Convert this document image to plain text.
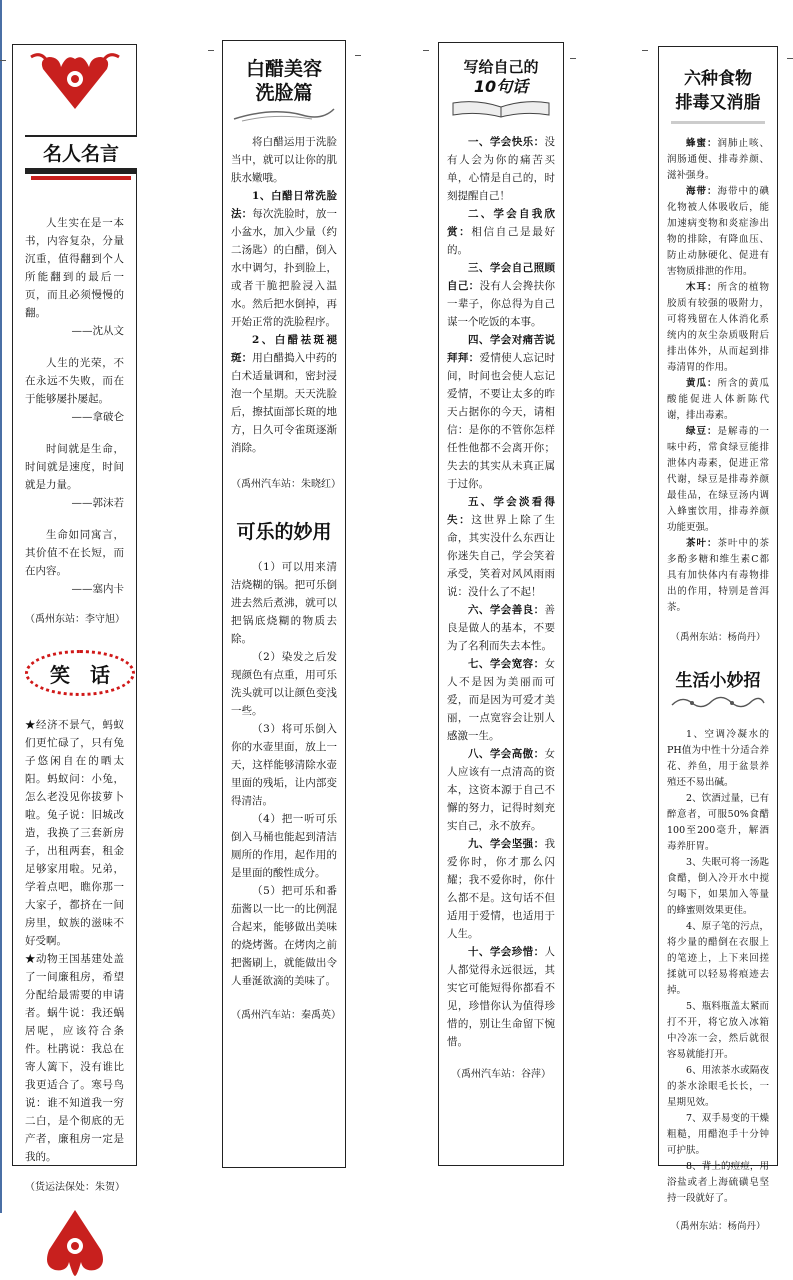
名人名言

人生实在是一本书，内容复杂，分量沉重，值得翻到个人所能翻到的最后一页，而且必须慢慢的翻。

——沈从文

人生的光荣，不在永远不失败，而在于能够屡扑屡起。

——拿破仑

时间就是生命，时间就是速度，时间就是力量。

——郭沫若

生命如同寓言，其价值不在长短，而在内容。

——塞内卡

（禹州东站：李守旭）

笑　话

★经济不景气，蚂蚁们更忙碌了，只有兔子悠闲自在的晒太阳。蚂蚁问：小兔，怎么老没见你拔萝卜啦。兔子说：旧城改造，我换了三套新房子，出租两套，租金足够家用啦。兄弟，学着点吧，瞧你那一大家子，都挤在一间房里，蚁族的滋味不好受啊。

★动物王国基建处盖了一间廉租房，希望分配给最需要的申请者。蜗牛说：我还蜗居呢，应该符合条件。杜鹃说：我总在寄人篱下，没有谁比我更适合了。寒号鸟说：谁不知道我一穷二白，是个彻底的无产者，廉租房一定是我的。

（货运法保处：朱贺）

白醋美容
洗脸篇

将白醋运用于洗脸当中，就可以让你的肌肤水嫩哦。

1、白醋日常洗脸法：每次洗脸时，放一小盆水，加入少量（约二汤匙）的白醋，倒入水中调匀，扑到脸上，或者干脆把脸浸入温水。然后把水倒掉，再开始正常的洗脸程序。

2、白醋祛斑褪斑：用白醋搗入中药的白术适量调和，密封浸泡一个星期。天天洗脸后，擦拭面部长斑的地方，日久可令雀斑逐渐消除。

（禹州汽车站：朱晓红）

可乐的妙用

（1）可以用来清洁烧糊的锅。把可乐倒进去然后煮沸，就可以把锅底烧糊的物质去除。

（2）染发之后发现颜色有点重，用可乐洗头就可以让颜色变浅一些。

（3）将可乐倒入你的水壶里面，放上一天，这样能够清除水壶里面的残垢，让内部变得清洁。

（4）把一听可乐倒入马桶也能起到清洁厕所的作用，起作用的是里面的酸性成分。

（5）把可乐和番茄酱以一比一的比例混合起来，能够做出美味的烧烤酱。在烤肉之前把酱刷上，就能做出令人垂涎欲滴的美味了。

（禹州汽车站：秦禹英）

写给自己的
10句话

一、学会快乐：没有人会为你的痛苦买单，心情是自己的，时刻提醒自己！

二、学会自我欣赏：相信自己是最好的。

三、学会自己照顾自己：没有人会搀扶你一辈子，你总得为自己谋一个吃饭的本事。

四、学会对痛苦说拜拜：爱情使人忘记时间，时间也会使人忘记爱情，不要让太多的昨天占据你的今天，请相信：是你的不管你怎样任性他都不会离开你；失去的其实从未真正属于过你。

五、学会淡看得失：这世界上除了生命，其实没什么东西让你迷失自己，学会笑着承受，笑着对风风雨雨说：没什么了不起！

六、学会善良：善良是做人的基本，不要为了名利而失去本性。

七、学会宽容：女人不是因为美丽而可爱，而是因为可爱才美丽，一点宽容会让别人感激一生。

八、学会高傲：女人应该有一点清高的资本，这资本源于自己不懈的努力，记得时刻充实自己，永不放弃。

九、学会坚强：我爱你时，你才那么闪耀；我不爱你时，你什么都不是。这句话不但适用于爱情，也适用于人生。

十、学会珍惜：人人都觉得永远很远，其实它可能短得你都看不见，珍惜你认为值得珍惜的，别让生命留下惋惜。

（禹州汽车站：谷萍）

六种食物
排毒又消脂

蜂蜜：润肺止咳、润肠通便、排毒养颜、滋补强身。

海带：海带中的碘化物被人体吸收后，能加速病变物和炎症渗出物的排除，有降血压、防止动脉硬化、促进有害物质排泄的作用。

木耳：所含的植物胶质有较强的吸附力，可将残留在人体消化系统内的灰尘杂质吸附后排出体外，从而起到排毒清胃的作用。

黄瓜：所含的黄瓜酸能促进人体新陈代谢，排出毒素。

绿豆：是解毒的一味中药，常食绿豆能排泄体内毒素，促进正常代谢，绿豆是排毒养颜最佳品，在绿豆汤内调入蜂蜜饮用，排毒养颜功能更强。

茶叶：茶叶中的茶多酚多糖和维生素C都具有加快体内有毒物排出的作用，特别是普洱茶。

（禹州东站：杨尚丹）

生活小妙招

1、空调冷凝水的PH值为中性十分适合养花、养鱼，用于盆景养殖还不易出碱。

2、饮酒过量，已有醉意者，可服50%食醋100至200毫升，解酒毒养肝胃。

3、失眠可将一汤匙食醋，倒入冷开水中搅匀喝下，如果加入等量的蜂蜜则效果更佳。

4、原子笔的污点，将少量的醋倒在衣服上的笔迹上，上下来回搓揉就可以轻易将痕迹去掉。

5、瓶料瓶盖太紧而打不开，将它放入冰箱中冷冻一会，然后就很容易就能打开。

6、用浓茶水或隔夜的茶水涂眼毛长长，一星期见效。

7、双手易变的干燥粗糙，用醋泡手十分钟可护肤。

8、背上的痘痘，用浴盐或者上海硫磺皂坚持一段就好了。

（禹州东站：杨尚丹）
